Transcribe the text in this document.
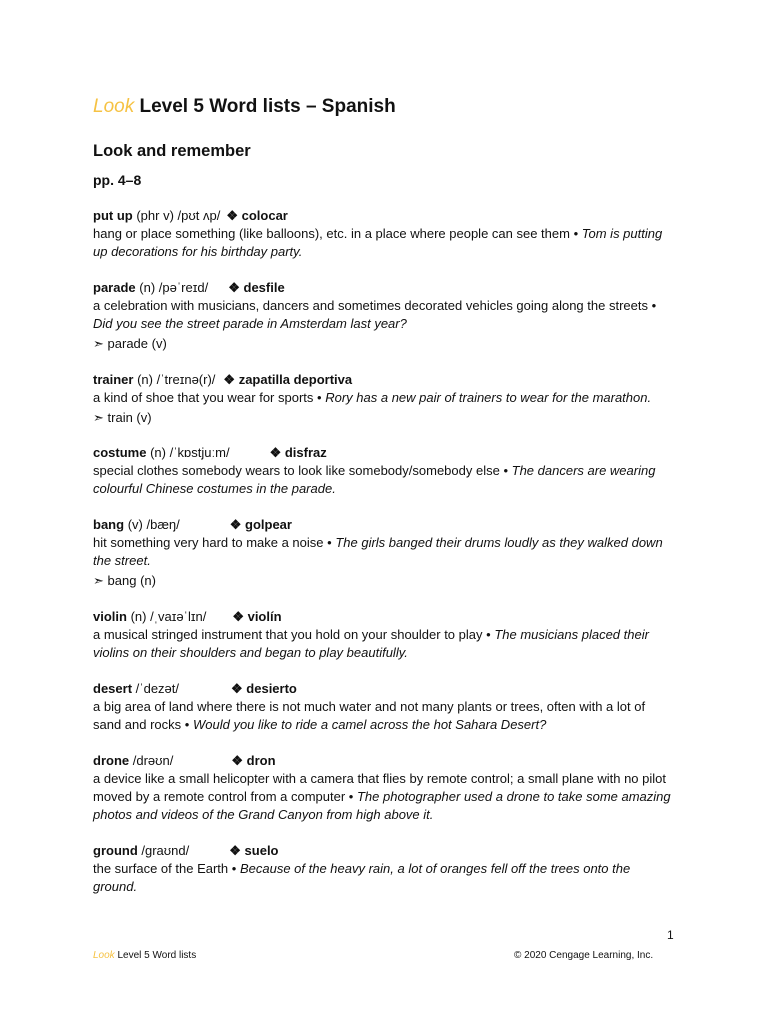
Look Level 5 Word lists – Spanish
Look and remember
pp. 4–8
put up (phr v) /pʊt ʌp/ ❖ colocar
hang or place something (like balloons), etc. in a place where people can see them • Tom is putting up decorations for his birthday party.
parade (n) /pəˈreɪd/ ❖ desfile
a celebration with musicians, dancers and sometimes decorated vehicles going along the streets • Did you see the street parade in Amsterdam last year?
➣ parade (v)
trainer (n) /ˈtreɪnə(r)/ ❖ zapatilla deportiva
a kind of shoe that you wear for sports • Rory has a new pair of trainers to wear for the marathon.
➣ train (v)
costume (n) /ˈkɒstjuːm/	❖ disfraz
special clothes somebody wears to look like somebody/somebody else • The dancers are wearing colourful Chinese costumes in the parade.
bang (v) /bæŋ/	❖ golpear
hit something very hard to make a noise • The girls banged their drums loudly as they walked down the street.
➣ bang (n)
violin (n) /ˌvaɪəˈlɪn/ ❖ violín
a musical stringed instrument that you hold on your shoulder to play • The musicians placed their violins on their shoulders and began to play beautifully.
desert /ˈdezət/	❖ desierto
a big area of land where there is not much water and not many plants or trees, often with a lot of sand and rocks • Would you like to ride a camel across the hot Sahara Desert?
drone /drəʊn/	❖ dron
a device like a small helicopter with a camera that flies by remote control; a small plane with no pilot moved by a remote control from a computer • The photographer used a drone to take some amazing photos and videos of the Grand Canyon from high above it.
ground /ɡraʊnd/	❖ suelo
the surface of the Earth • Because of the heavy rain, a lot of oranges fell off the trees onto the ground.
1
Look Level 5 Word lists	© 2020 Cengage Learning, Inc.
